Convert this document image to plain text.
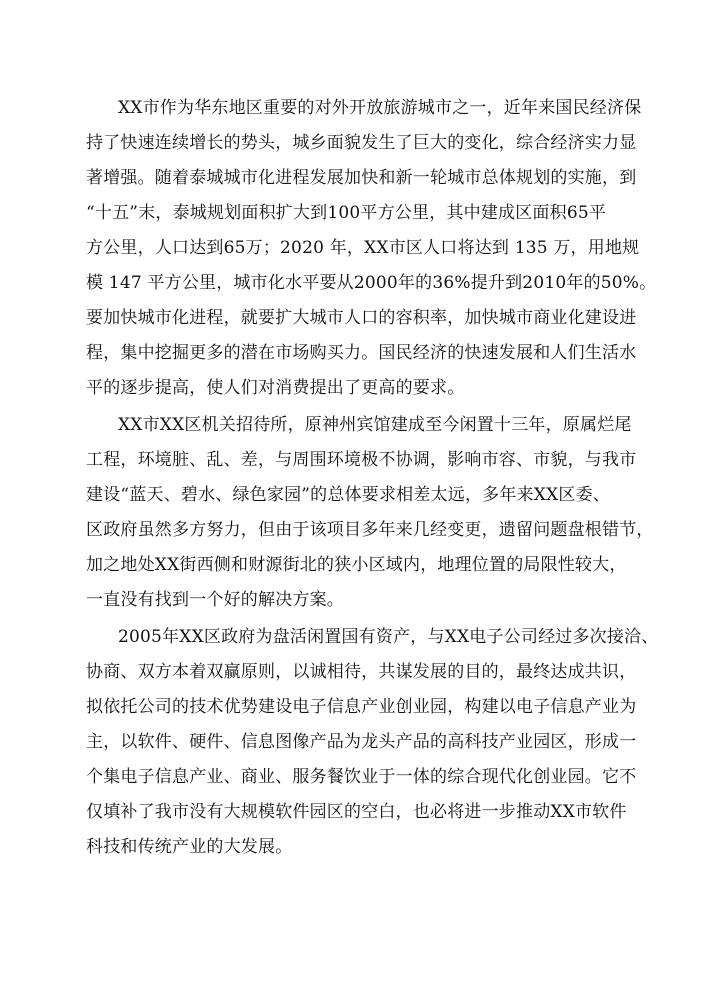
XX市作为华东地区重要的对外开放旅游城市之一，近年来国民经济保
持了快速连续增长的势头，城乡面貌发生了巨大的变化，综合经济实力显
著增强。随着泰城城市化进程发展加快和新一轮城市总体规划的实施，到
“十五”末，泰城规划面积扩大到100平方公里，其中建成区面积65平
方公里，人口达到65万；2020 年，XX市区人口将达到 135 万，用地规
模 147 平方公里，城市化水平要从2000年的36%提升到2010年的50%。
要加快城市化进程，就要扩大城市人口的容积率，加快城市商业化建设进
程，集中挖掘更多的潜在市场购买力。国民经济的快速发展和人们生活水
平的逐步提高，使人们对消费提出了更高的要求。
XX市XX区机关招待所，原神州宾馆建成至今闲置十三年，原属烂尾
工程，环境脏、乱、差，与周围环境极不协调，影响市容、市貌，与我市
建设“蓝天、碧水、绿色家园”的总体要求相差太远，多年来XX区委、
区政府虽然多方努力，但由于该项目多年来几经变更，遗留问题盘根错节，
加之地处XX街西侧和财源街北的狭小区域内，地理位置的局限性较大，
一直没有找到一个好的解决方案。
2005年XX区政府为盘活闲置国有资产，与XX电子公司经过多次接洽、
协商、双方本着双赢原则，以诚相待，共谋发展的目的，最终达成共识，
拟依托公司的技术优势建设电子信息产业创业园，构建以电子信息产业为
主，以软件、硬件、信息图像产品为龙头产品的高科技产业园区，形成一
个集电子信息产业、商业、服务餐饮业于一体的综合现代化创业园。它不
仅填补了我市没有大规模软件园区的空白，也必将进一步推动XX市软件
科技和传统产业的大发展。
